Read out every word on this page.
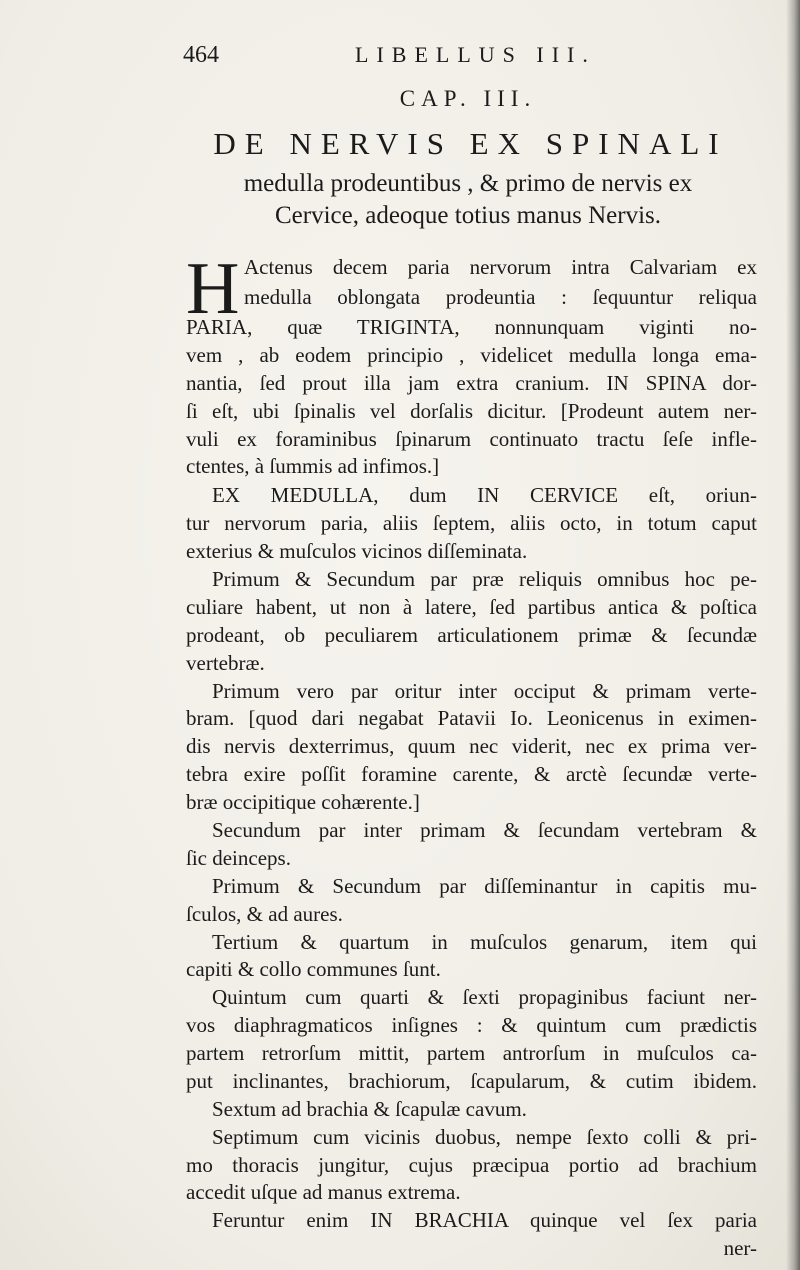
464	LIBELLUS III.
CAP. III.
DE NERVIS EX SPINALI
medulla prodeuntibus , & primo de nervis ex
Cervice, adeoque totius manus Nervis.
H Actenus decem paria nervorum intra Calvariam ex
medulla oblongata prodeuntia : ſequuntur reliqua
PARIA, quæ TRIGINTA, nonnunquam viginti no-
vem , ab eodem principio , videlicet medulla longa ema-
nantia, ſed prout illa jam extra cranium. IN SPINA dor-
ſi eſt, ubi ſpinalis vel dorſalis dicitur. [Prodeunt autem ner-
vuli ex foraminibus ſpinarum continuato tractu ſeſe infle-
ctentes, à ſummis ad infimos.]
EX MEDULLA, dum IN CERVICE eſt, oriun-
tur nervorum paria, aliis ſeptem, aliis octo, in totum caput
exterius & muſculos vicinos diſſeminata.
Primum & Secundum par præ reliquis omnibus hoc pe-
culiare habent, ut non à latere, ſed partibus antica & poſtica
prodeant, ob peculiarem articulationem primæ & ſecundæ
vertebræ.
Primum vero par oritur inter occiput & primam verte-
bram. [quod dari negabat Patavii Io. Leonicenus in eximen-
dis nervis dexterrimus, quum nec viderit, nec ex prima ver-
tebra exire poſſit foramine carente, & arctè ſecundæ verte-
bræ occipitique cohærente.]
Secundum par inter primam & ſecundam vertebram &
ſic deinceps.
Primum & Secundum par diſſeminantur in capitis mu-
ſculos, & ad aures.
Tertium & quartum in muſculos genarum, item qui
capiti & collo communes ſunt.
Quintum cum quarti & ſexti propaginibus faciunt ner-
vos diaphragmaticos inſignes : & quintum cum prædictis
partem retrorſum mittit, partem antrorſum in muſculos ca-
put inclinantes, brachiorum, ſcapularum, & cutim ibidem.
Sextum ad brachia & ſcapulæ cavum.
Septimum cum vicinis duobus, nempe ſexto colli & pri-
mo thoracis jungitur, cujus præcipua portio ad brachium
accedit uſque ad manus extrema.
Feruntur enim IN BRACHIA quinque vel ſex paria
ner-
